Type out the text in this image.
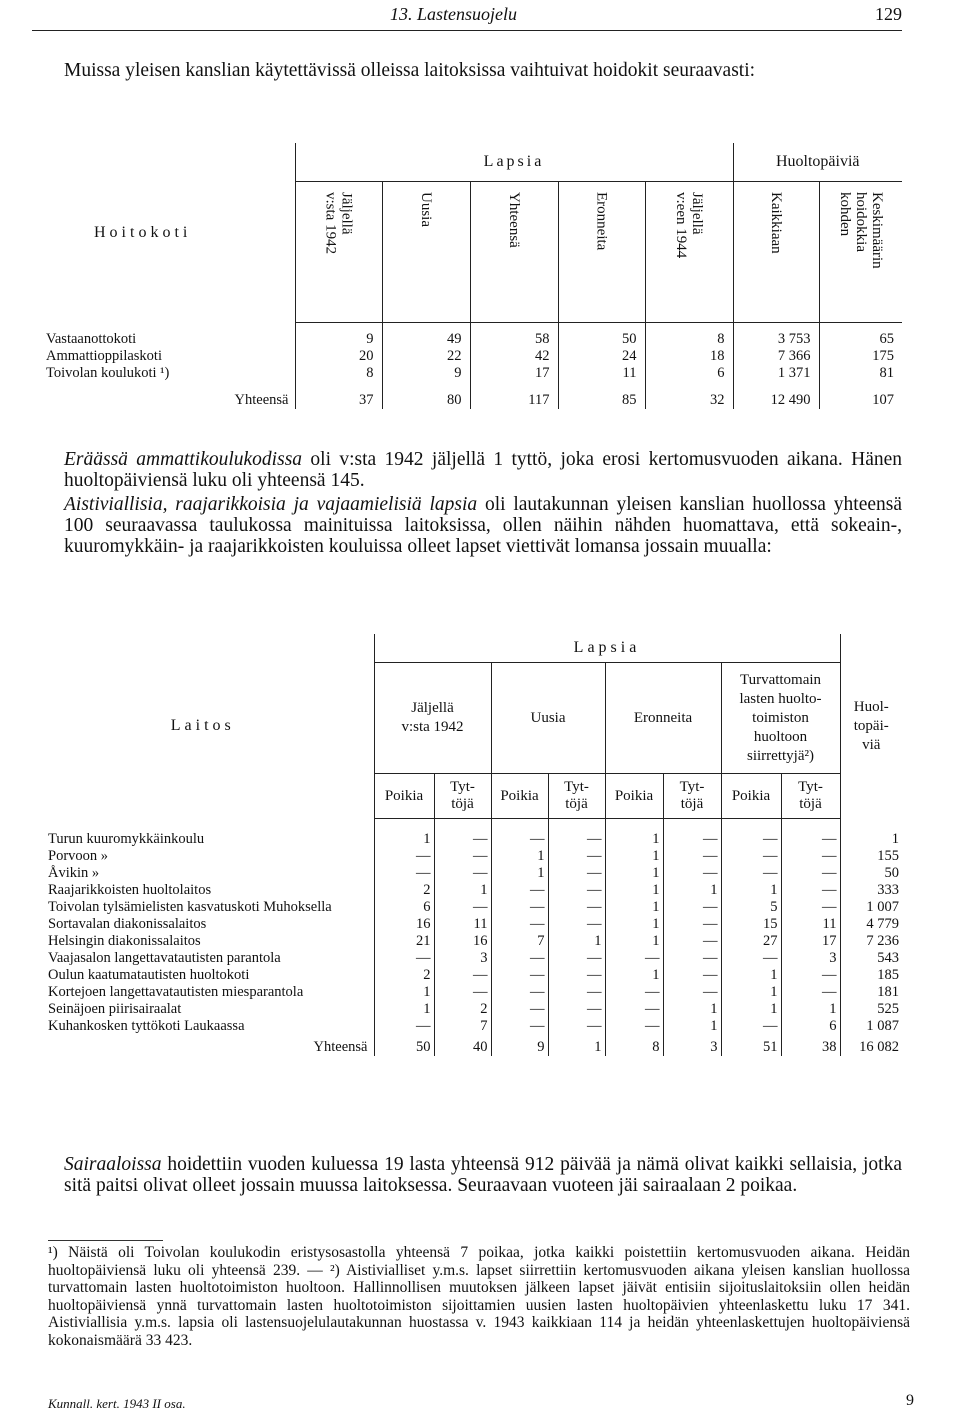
13. Lastensuojelu	129
Muissa yleisen kanslian käytettävissä olleissa laitoksissa vaihtuivat hoidokit seuraavasti:
Hoitokoti	Lapsia					Huoltopäiviä	

	Jäljellä
v:sta 1942	Uusia	Yhteensä	Eronneita	Jäljellä
v:een 1944	Kaikkiaan	Keskimäärin
hoidokkia
kohden

Vastaanottokoti	9	49	58	50	8	3 753	65
Ammattioppilaskoti	20	22	42	24	18	7 366	175
Toivolan koulukoti ¹)	8	9	17	11	6	1 371	81
Yhteensä	37	80	117	85	32	12 490	107
Eräässä ammattikoulukodissa oli v:sta 1942 jäljellä 1 tyttö, joka erosi kertomusvuoden aikana. Hänen huoltopäiviensä luku oli yhteensä 145.
Aistiviallisia, raajarikkoisia ja vajaamielisiä lapsia oli lautakunnan yleisen kanslian huollossa yhteensä 100 seuraavassa taulukossa mainituissa laitoksissa, ollen näihin nähden huomattava, että sokeain-, kuuromykkäin- ja raajarikkoisten kouluissa olleet lapset viettivät lomansa jossain muualla:
Laitos	Lapsia								Huol-
topäi-
viä
	Jäljellä
v:sta 1942		Uusia		Eronneita		Turvattomain
lasten huolto-
toimiston
huoltoon
siirrettyjä²)		
	Poikia	Tyt-
töjä	Poikia	Tyt-
töjä	Poikia	Tyt-
töjä	Poikia	Tyt-
töjä	
Turun kuuromykkäinkoulu	1	—	—	—	1	—	—	—	1
Porvoon »	—	—	1	—	1	—	—	—	155
Åvikin »	—	—	1	—	1	—	—	—	50
Raajarikkoisten huoltolaitos	2	1	—	—	1	1	1	—	333
Toivolan tylsämielisten kasvatuskoti Muhoksella	6	—	—	—	1	—	5	—	1 007
Sortavalan diakonissalaitos	16	11	—	—	1	—	15	11	4 779
Helsingin diakonissalaitos	21	16	7	1	1	—	27	17	7 236
Vaajasalon langettavatautisten parantola	—	3	—	—	—	—	—	3	543
Oulun kaatumatautisten huoltokoti	2	—	—	—	1	—	1	—	185
Kortejoen langettavatautisten miesparantola	1	—	—	—	—	—	1	—	181
Seinäjoen piirisairaalat	1	2	—	—	—	1	1	1	525
Kuhankosken tyttökoti Laukaassa	—	7	—	—	—	1	—	6	1 087
Yhteensä	50	40	9	1	8	3	51	38	16 082
Sairaaloissa hoidettiin vuoden kuluessa 19 lasta yhteensä 912 päivää ja nämä olivat kaikki sellaisia, jotka sitä paitsi olivat olleet jossain muussa laitoksessa. Seuraavaan vuoteen jäi sairaalaan 2 poikaa.
¹) Näistä oli Toivolan koulukodin eristysosastolla yhteensä 7 poikaa, jotka kaikki poistettiin kertomusvuoden aikana. Heidän huoltopäiviensä luku oli yhteensä 239. — ²) Aistivialliset y.m.s. lapset siirrettiin kertomusvuoden aikana yleisen kanslian huollossa turvattomain lasten huoltotoimiston huoltoon. Hallinnollisen muutoksen jälkeen lapset jäivät entisiin sijoituslaitoksiin ollen heidän huoltopäiviensä ynnä turvattomain lasten huoltotoimiston sijoittamien uusien lasten huoltopäivien yhteenlaskettu luku 17 341. Aistiviallisia y.m.s. lapsia oli lastensuojelulautakunnan huostassa v. 1943 kaikkiaan 114 ja heidän yhteenlaskettujen huoltopäiviensä kokonaismäärä 33 423.
Kunnall. kert. 1943 II osa.	9
